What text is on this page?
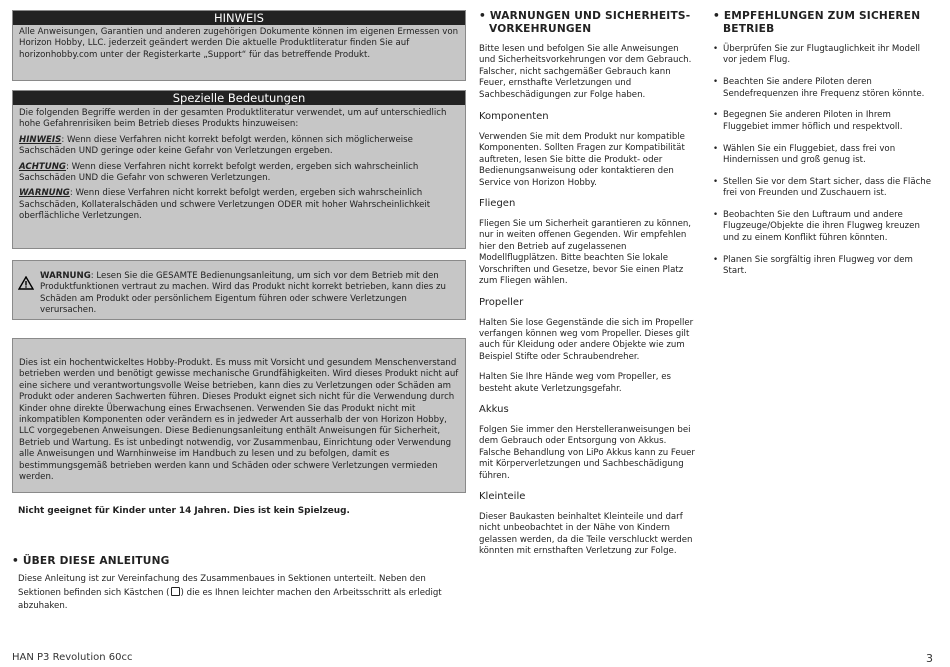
HINWEIS
Alle Anweisungen, Garantien und anderen zugehörigen Dokumente können im eigenen Ermessen von Horizon Hobby, LLC. jederzeit geändert werden Die aktuelle Produktliteratur finden Sie auf horizonhobby.com unter der Registerkarte „Support“ für das betreffende Produkt.
Spezielle Bedeutungen

Die folgenden Begriffe werden in der gesamten Produktliteratur verwendet, um auf unterschiedlich hohe Gefahrenrisiken beim Betrieb dieses Produkts hinzuweisen:

HINWEIS: Wenn diese Verfahren nicht korrekt befolgt werden, können sich möglicherweise Sachschäden UND geringe oder keine Gefahr von Verletzungen ergeben.

ACHTUNG: Wenn diese Verfahren nicht korrekt befolgt werden, ergeben sich wahrscheinlich Sachschäden UND die Gefahr von schweren Verletzungen.

WARNUNG: Wenn diese Verfahren nicht korrekt befolgt werden, ergeben sich wahrscheinlich Sachschäden, Kollateralschäden und schwere Verletzungen ODER mit hoher Wahrscheinlichkeit oberflächliche Verletzungen.

WARNUNG: Lesen Sie die GESAMTE Bedienungsanleitung, um sich vor dem Betrieb mit den Produktfunktionen vertraut zu machen. Wird das Produkt nicht korrekt betrieben, kann dies zu Schäden am Produkt oder persönlichem Eigentum führen oder schwere Verletzungen verursachen.
Dies ist ein hochentwickeltes Hobby-Produkt. Es muss mit Vorsicht und gesundem Menschenverstand betrieben werden und benötigt gewisse mechanische Grundfähigkeiten. Wird dieses Produkt nicht auf eine sichere und verantwortungsvolle Weise betrieben, kann dies zu Verletzungen oder Schäden am Produkt oder anderen Sachwerten führen. Dieses Produkt eignet sich nicht für die Verwendung durch Kinder ohne direkte Überwachung eines Erwachsenen. Verwenden Sie das Produkt nicht mit inkompatiblen Komponenten oder verändern es in jedweder Art ausserhalb der von Horizon Hobby, LLC vorgegebenen Anweisungen. Diese Bedienungsanleitung enthält Anweisungen für Sicherheit, Betrieb und Wartung. Es ist unbedingt notwendig, vor Zusammenbau, Einrichtung oder Verwendung alle Anweisungen und Warnhinweise im Handbuch zu lesen und zu befolgen, damit es bestimmungsgemäß betrieben werden kann und Schäden oder schwere Verletzungen vermieden werden.
Nicht geeignet für Kinder unter 14 Jahren. Dies ist kein Spielzeug.
• ÜBER DIESE ANLEITUNG
Diese Anleitung ist zur Vereinfachung des Zusammenbaues in Sektionen unterteilt. Neben den Sektionen befinden sich Kästchen ( ) die es Ihnen leichter machen den Arbeitsschritt als erledigt abzuhaken.
• WARNUNGEN UND SICHERHEITS-
VORKEHRUNGEN
Bitte lesen und befolgen Sie alle Anweisungen und Sicherheitsvorkehrungen vor dem Gebrauch. Falscher, nicht sachgemäßer Gebrauch kann Feuer, ernsthafte Verletzungen und Sachbeschädigungen zur Folge haben.
Komponenten
Verwenden Sie mit dem Produkt nur kompatible Komponenten. Sollten Fragen zur Kompatibilität auftreten, lesen Sie bitte die Produkt- oder Bedienungsanweisung oder kontaktieren den Service von Horizon Hobby.
Fliegen
Fliegen Sie um Sicherheit garantieren zu können, nur in weiten offenen Gegenden. Wir empfehlen hier den Betrieb auf zugelassenen Modellflugplätzen. Bitte beachten Sie lokale Vorschriften und Gesetze, bevor Sie einen Platz zum Fliegen wählen.
Propeller
Halten Sie lose Gegenstände die sich im Propeller verfangen können weg vom Propeller. Dieses gilt auch für Kleidung oder andere Objekte wie zum Beispiel Stifte oder Schraubendreher.
Halten Sie Ihre Hände weg vom Propeller, es besteht akute Verletzungsgefahr.
Akkus
Folgen Sie immer den Herstelleranweisungen bei dem Gebrauch oder Entsorgung von Akkus. Falsche Behandlung von LiPo Akkus kann zu Feuer mit Körperverletzungen und Sachbeschädigung führen.
Kleinteile
Dieser Baukasten beinhaltet Kleinteile und darf nicht unbeobachtet in der Nähe von Kindern gelassen werden, da die Teile verschluckt werden könnten mit ernsthaften Verletzung zur Folge.
• EMPFEHLUNGEN ZUM SICHEREN
BETRIEB
• Überprüfen Sie zur Flugtauglichkeit ihr Modell vor jedem Flug.
• Beachten Sie andere Piloten deren Sendefrequenzen ihre Frequenz stören könnte.
• Begegnen Sie anderen Piloten in Ihrem Fluggebiet immer höflich und respektvoll.
• Wählen Sie ein Fluggebiet, dass frei von Hindernissen und groß genug ist.
• Stellen Sie vor dem Start sicher, dass die Fläche frei von Freunden und Zuschauern ist.
• Beobachten Sie den Luftraum und andere Flugzeuge/Objekte die ihren Flugweg kreuzen und zu einem Konflikt führen könnten.
• Planen Sie sorgfältig ihren Flugweg vor dem Start.
HAN P3 Revolution 60cc	3
